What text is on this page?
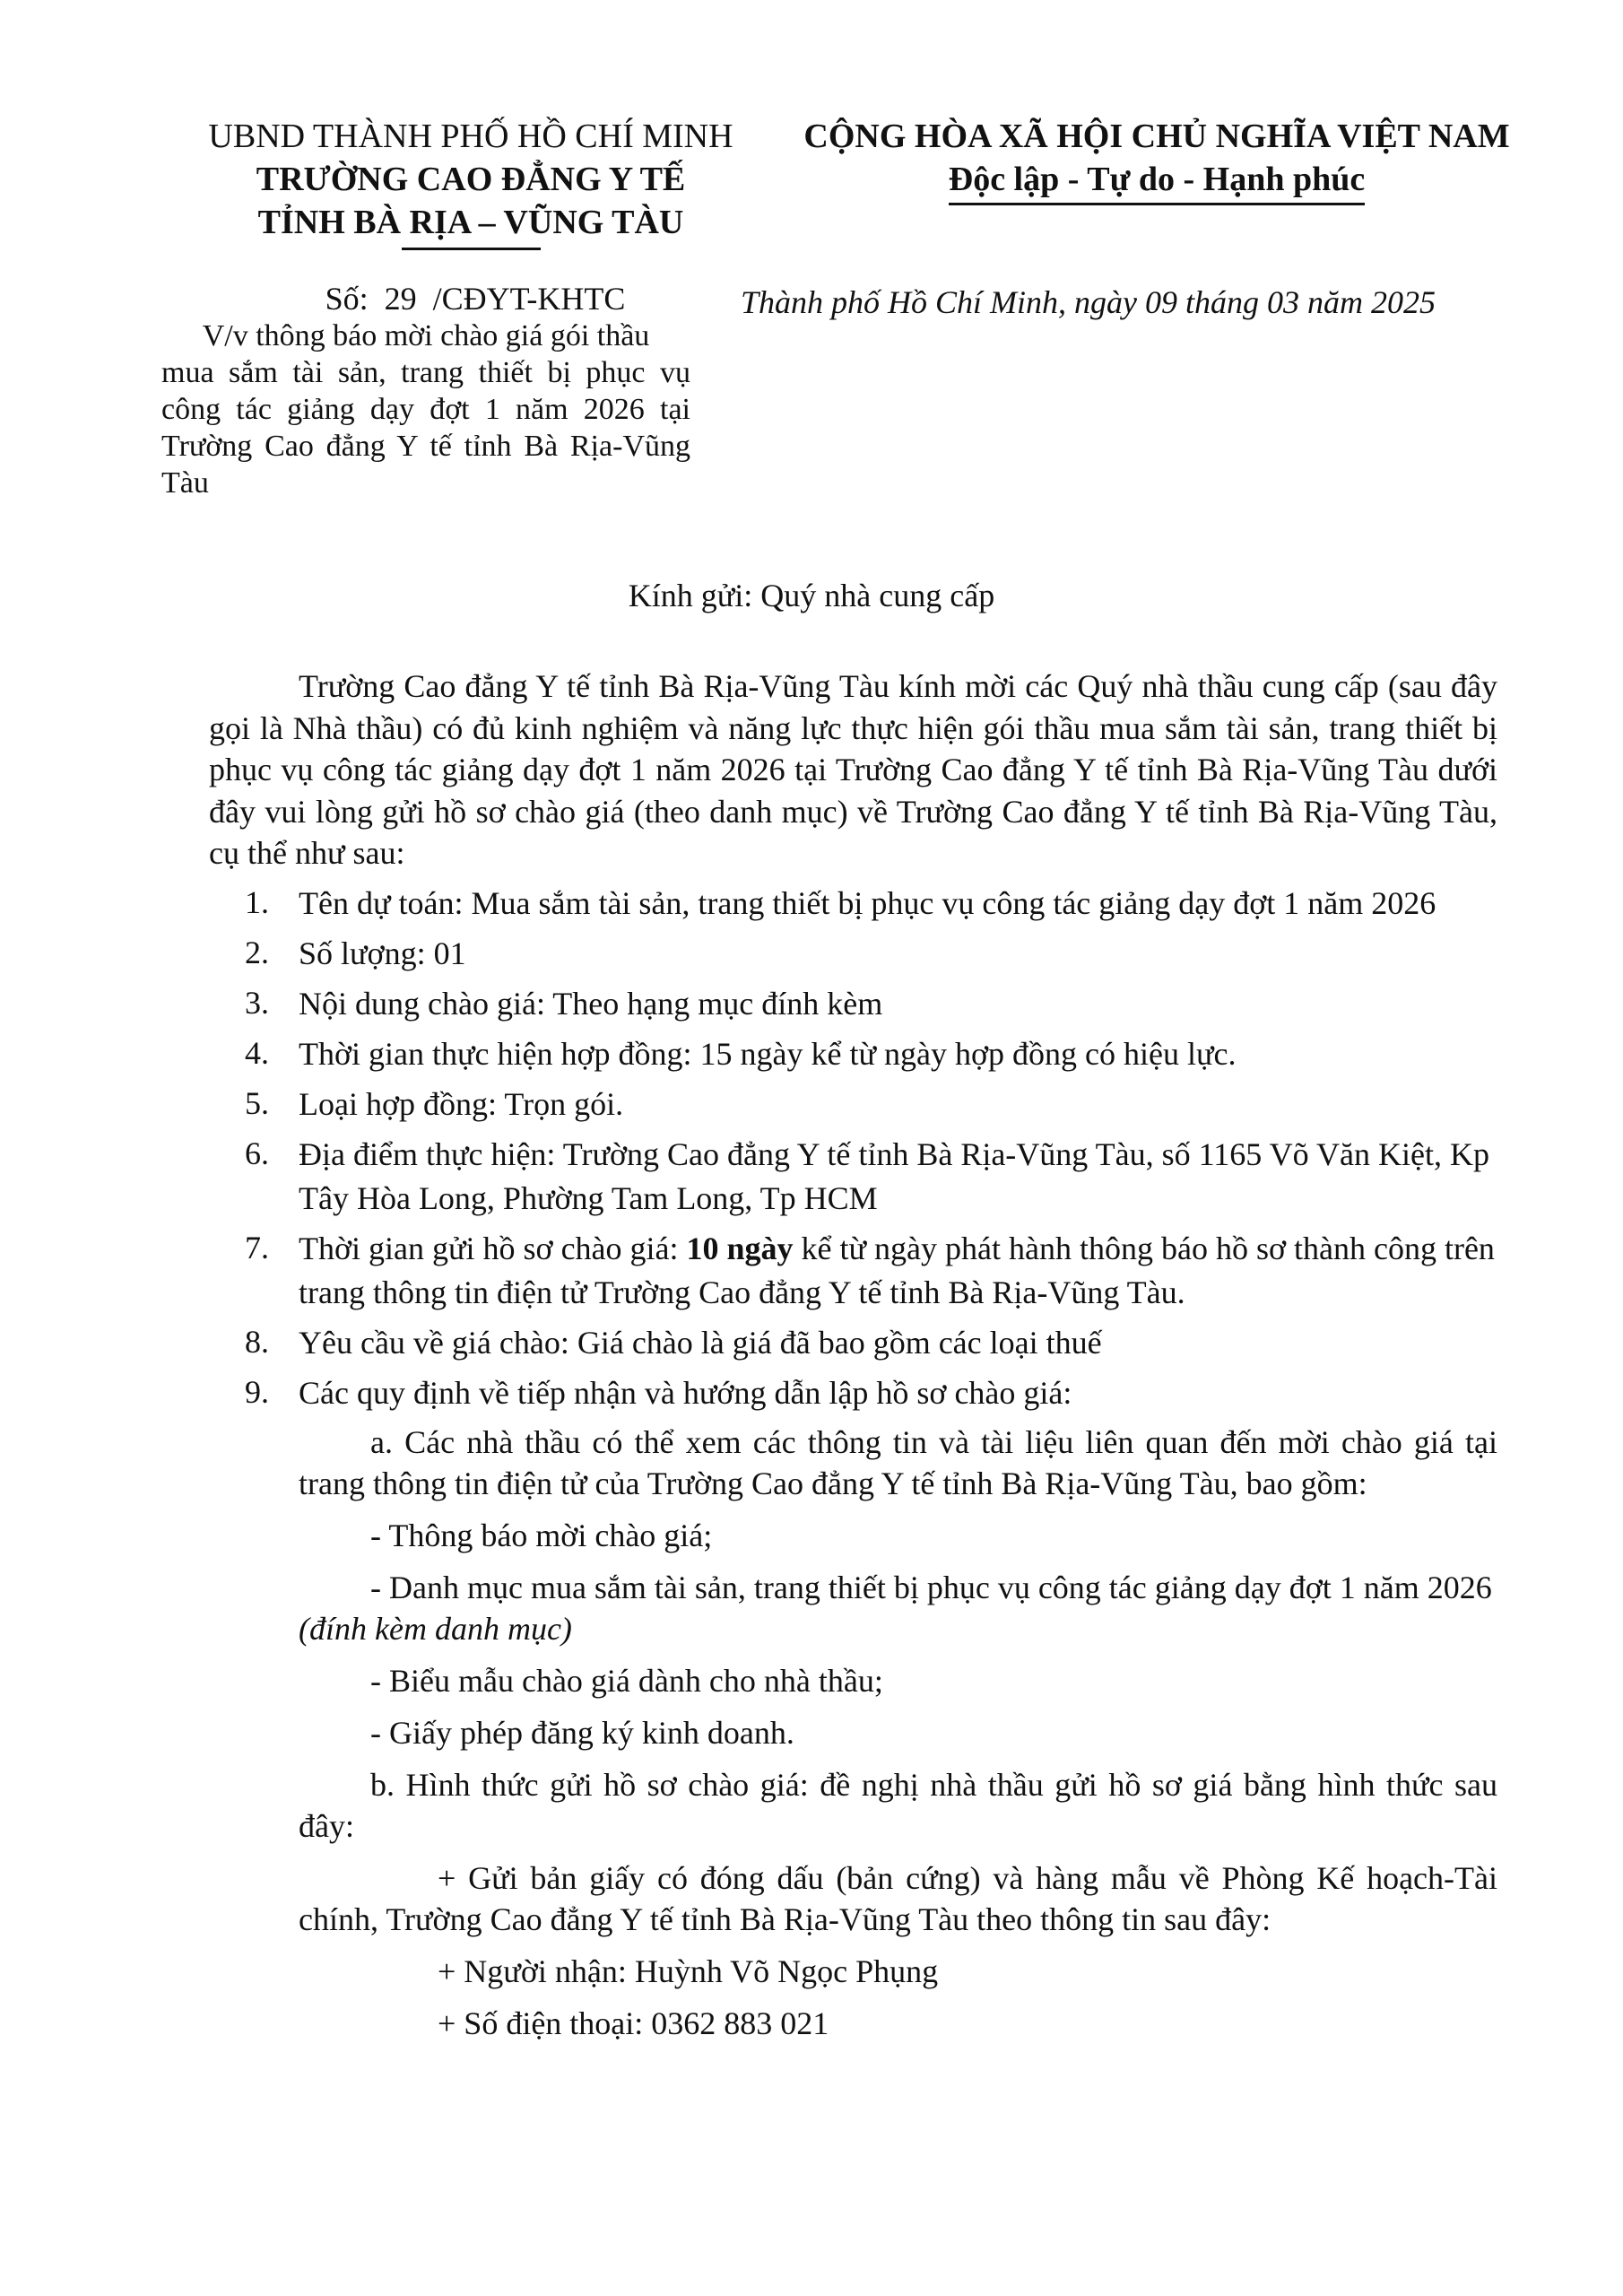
UBND THÀNH PHỐ HỒ CHÍ MINH
TRƯỜNG CAO ĐẲNG Y TẾ
TỈNH BÀ RỊA – VŨNG TÀU
CỘNG HÒA XÃ HỘI CHỦ NGHĨA VIỆT NAM
Độc lập - Tự do - Hạnh phúc
Số:  29  /CĐYT-KHTC
V/v thông báo mời chào giá gói thầu
mua sắm tài sản, trang thiết bị phục vụ công tác giảng dạy đợt 1 năm 2026 tại Trường Cao đẳng Y tế tỉnh Bà Rịa-Vũng Tàu
Thành phố Hồ Chí Minh, ngày 09 tháng 03 năm 2025
Kính gửi: Quý nhà cung cấp
Trường Cao đẳng Y tế tỉnh Bà Rịa-Vũng Tàu kính mời các Quý nhà thầu cung cấp (sau đây gọi là Nhà thầu) có đủ kinh nghiệm và năng lực thực hiện gói thầu mua sắm tài sản, trang thiết bị phục vụ công tác giảng dạy đợt 1 năm 2026 tại Trường Cao đẳng Y tế tỉnh Bà Rịa-Vũng Tàu dưới đây vui lòng gửi hồ sơ chào giá (theo danh mục) về Trường Cao đẳng Y tế tỉnh Bà Rịa-Vũng Tàu, cụ thể như sau:
1. Tên dự toán: Mua sắm tài sản, trang thiết bị phục vụ công tác giảng dạy đợt 1 năm 2026
2. Số lượng: 01
3. Nội dung chào giá: Theo hạng mục đính kèm
4. Thời gian thực hiện hợp đồng: 15 ngày kể từ ngày hợp đồng có hiệu lực.
5. Loại hợp đồng: Trọn gói.
6. Địa điểm thực hiện: Trường Cao đẳng Y tế tỉnh Bà Rịa-Vũng Tàu, số 1165 Võ Văn Kiệt, Kp Tây Hòa Long, Phường Tam Long, Tp HCM
7. Thời gian gửi hồ sơ chào giá: 10 ngày kể từ ngày phát hành thông báo hồ sơ thành công trên trang thông tin điện tử Trường Cao đẳng Y tế tỉnh Bà Rịa-Vũng Tàu.
8. Yêu cầu về giá chào: Giá chào là giá đã bao gồm các loại thuế
9. Các quy định về tiếp nhận và hướng dẫn lập hồ sơ chào giá:
a. Các nhà thầu có thể xem các thông tin và tài liệu liên quan đến mời chào giá tại trang thông tin điện tử của Trường Cao đẳng Y tế tỉnh Bà Rịa-Vũng Tàu, bao gồm:
- Thông báo mời chào giá;
- Danh mục mua sắm tài sản, trang thiết bị phục vụ công tác giảng dạy đợt 1 năm 2026 (đính kèm danh mục)
- Biểu mẫu chào giá dành cho nhà thầu;
- Giấy phép đăng ký kinh doanh.
b. Hình thức gửi hồ sơ chào giá: đề nghị nhà thầu gửi hồ sơ giá bằng hình thức sau đây:
+ Gửi bản giấy có đóng dấu (bản cứng) và hàng mẫu về Phòng Kế hoạch-Tài chính, Trường Cao đẳng Y tế tỉnh Bà Rịa-Vũng Tàu theo thông tin sau đây:
+ Người nhận: Huỳnh Võ Ngọc Phụng
+ Số điện thoại: 0362 883 021
